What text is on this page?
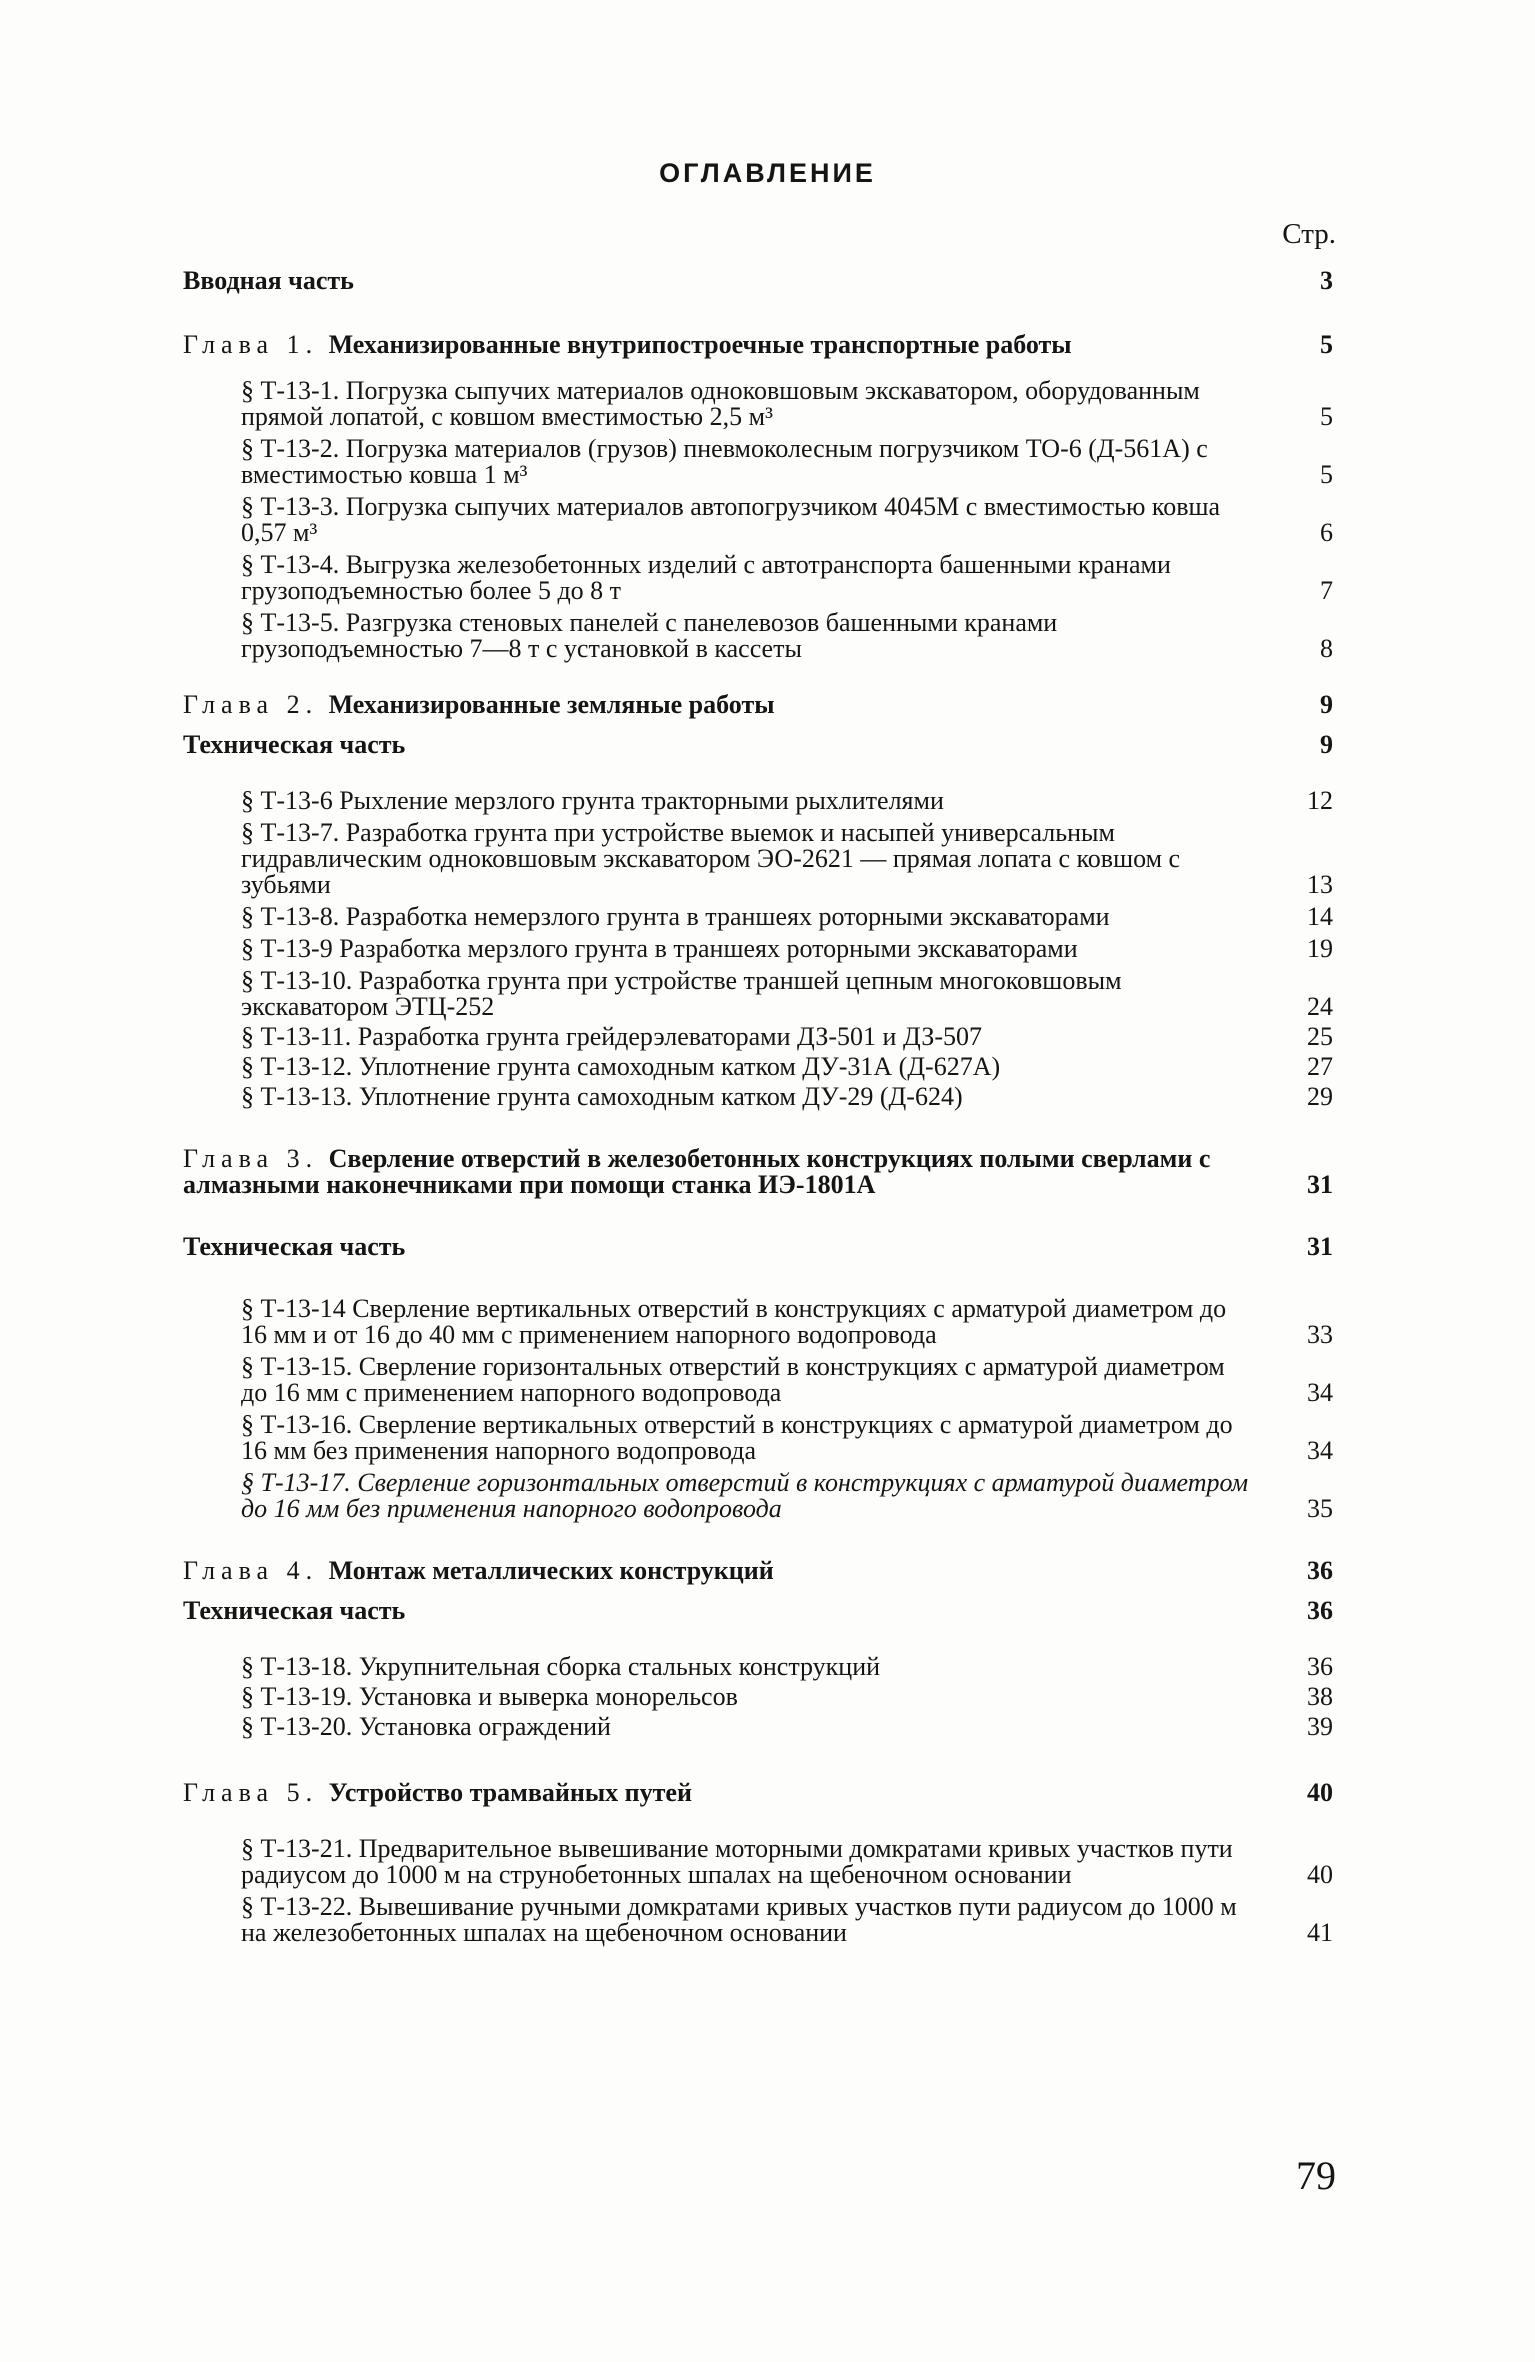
ОГЛАВЛЕНИЕ
Стр.
Вводная часть	3
Глава 1. Механизированные внутрипостроечные транспортные работы	5
§ Т-13-1. Погрузка сыпучих материалов одноковшовым экскаватором, оборудованным прямой лопатой, с ковшом вместимостью 2,5 м³	5
§ Т-13-2. Погрузка материалов (грузов) пневмоколесным погрузчиком ТО-6 (Д-561А) с вместимостью ковша 1 м³	5
§ Т-13-3. Погрузка сыпучих материалов автопогрузчиком 4045М с вместимостью ковша 0,57 м³	6
§ Т-13-4. Выгрузка железобетонных изделий с автотранспорта башенными кранами грузоподъемностью более 5 до 8 т	7
§ Т-13-5. Разгрузка стеновых панелей с панелевозов башенными кранами грузоподъемностью 7—8 т с установкой в кассеты	8
Глава 2. Механизированные земляные работы	9
Техническая часть	9
§ Т-13-6 Рыхление мерзлого грунта тракторными рыхлителями	12
§ Т-13-7. Разработка грунта при устройстве выемок и насыпей универсальным гидравлическим одноковшовым экскаватором ЭО-2621 — прямая лопата с ковшом с зубьями	13
§ Т-13-8. Разработка немерзлого грунта в траншеях роторными экскаваторами	14
§ Т-13-9 Разработка мерзлого грунта в траншеях роторными экскаваторами	19
§ Т-13-10. Разработка грунта при устройстве траншей цепным многоковшовым экскаватором ЭТЦ-252	24
§ Т-13-11. Разработка грунта грейдерэлеваторами ДЗ-501 и ДЗ-507	25
§ Т-13-12. Уплотнение грунта самоходным катком ДУ-31А (Д-627А)	27
§ Т-13-13. Уплотнение грунта самоходным катком ДУ-29 (Д-624)	29
Глава 3. Сверление отверстий в железобетонных конструкциях полыми сверлами с алмазными наконечниками при помощи станка ИЭ-1801А	31
Техническая часть	31
§ Т-13-14 Сверление вертикальных отверстий в конструкциях с арматурой диаметром до 16 мм и от 16 до 40 мм с применением напорного водопровода	33
§ Т-13-15. Сверление горизонтальных отверстий в конструкциях с арматурой диаметром до 16 мм с применением напорного водопровода	34
§ Т-13-16. Сверление вертикальных отверстий в конструкциях с арматурой диаметром до 16 мм без применения напорного водопровода	34
§ Т-13-17. Сверление горизонтальных отверстий в конструкциях с арматурой диаметром до 16 мм без применения напорного водопровода	35
Глава 4. Монтаж металлических конструкций	36
Техническая часть	36
§ Т-13-18. Укрупнительная сборка стальных конструкций	36
§ Т-13-19. Установка и выверка монорельсов	38
§ Т-13-20. Установка ограждений	39
Глава 5. Устройство трамвайных путей	40
§ Т-13-21. Предварительное вывешивание моторными домкратами кривых участков пути радиусом до 1000 м на струнобетонных шпалах на щебеночном основании	40
§ Т-13-22. Вывешивание ручными домкратами кривых участков пути радиусом до 1000 м на железобетонных шпалах на щебеночном основании	41
79
